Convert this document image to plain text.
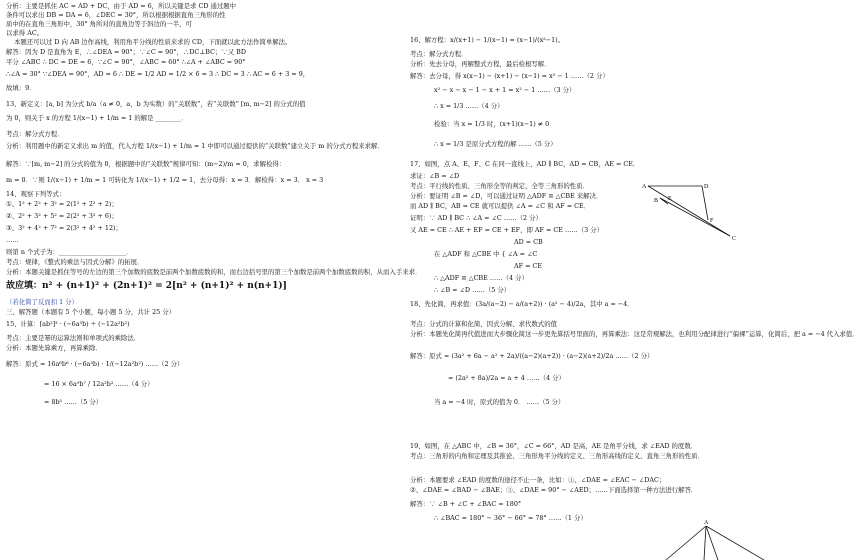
分析：主要是抓住 AC = AD + DC，由于 AD = 6，所以关键是求 CD 通过题中
条件可以求出 DB = DA = 6，∠DEC = 30°，所以根据根据直角三角形的性
质中的在直角三角形中，30° 角所对的直角边等于斜边的一半，可
以求得 AC。
本题还可以过 D 向 AB 边作高线，利用角平分线的性质来求的 CD，下面就以此方法作简单解法。
解答：因为 D 是直角为 E，∴∠DEA = 90°；∵∠C = 90°，∴DC⊥BC；∵又 BD
平分 ∠ABC ∴ DC = DE = 6，∵∠C = 90°，∠ABC = 60° ∴∠A + ∠ABC = 90°
∴∠A = 30° ∵∠DEA = 90°，AD = 6 ∴ DE = 1/2 AD = 1/2 × 6 = 3 ∴ DC = 3 ∴ AC = 6 + 3 = 9，
故填：9．
13、新定义：[a, b] 为分式 b/a（a ≠ 0，a，b 为实数）的“关联数”，若“关联数” [m, m−2] 的分式的值
为 0，则关于 x 的方程 1/(x−1) + 1/m = 1 的解是 ________．
考点：解分式方程．
分析：利用题中的新定义求出 m 的值，代入方程 1/(x−1) + 1/m = 1 中即可以通过提供的“关联数”建立关于 m 的分式方程来求解．
解答：∵[m, m−2] 的分式的值为 0，根据题中的“关联数”规律可知：(m−2)/m = 0，求解检得：
m = 0．∵则 1/(x−1) + 1/m = 1 可转化为 1/(x−1) + 1/2 = 1，去分母得：x = 3．解检得：x = 3． x = 3
14、观察下列等式：
①、1² + 2² + 3² = 2(1² + 2² + 2)；
②、2² + 3² + 5² = 2(2² + 3² + 6)；
③、3² + 4² + 7² = 2(3² + 4² + 12)；
……
则第 n 个式子为：_____________________．
考点：规律，《整式的乘法与因式分解》的拓展．
分析：本题关键是抓住等号的左边的第三个加数的底数是前两个加数底数的和，而右边括号里的第三个加数是前两个加数底数的积，从而入手来求．
故应填：n² + (n+1)² + (2n+1)² = 2[n² + (n+1)² + n(n+1)]
（若化简了反而扣 1 分）
三、解答题（本题有 5 个小题，每小题 5 分，共计 25 分）
15、计算：[ab²]³ · (−6a³b) ÷ (−12a²b²)
考点：主要是幂的运算法则和单项式的乘除法．
分析：本题先算乘方，再算乘除．
解答：原式 = 16a⁶b⁶ · (−6a³b) · 1/(−12a²b²) ……（2 分）
= 16 × 6a⁹b⁷ / 12a²b² ……（4 分）
= 8b⁵ ……（5 分）
16、解方程：x/(x+1) − 1/(x−1) = (x−1)/(x²−1)。
考点：解分式方程．
分析：先去分母，再解整式方程，最后检根写解．
解答：去分母，得 x(x−1) − (x+1) − (x−1) = x² − 1 ……（2 分）
x² − x − x − 1 − x + 1 = x² − 1 ……（3 分）
∴ x = 1/3 ……（4 分）
检验：当 x = 1/3 时，(x+1)(x−1) ≠ 0
∴ x = 1/3 是原分式方程的解 ……（5 分）
17、如图，点 A、E、F、C 在同一直线上，AD ∥ BC，AD = CB，AE = CE．
求证：∠B = ∠D
考点：平行线的性质、三角形全等的判定、全等三角形的性质．
分析：要证明 ∠B = ∠D，可以通过证明 △ADF ≌ △CBE 来解决．
而 AD ∥ BC，AB = CE 就可以提供 ∠A = ∠C 和 AF = CE．
证明：∵ AD ∥ BC ∴ ∠A = ∠C ……（2 分）
又 AE = CE ∴ AE + EF = CE + EF，即 AF = CE ……（3 分）
AD = CB
在 △ADF 和 △CBE 中 { ∠A = ∠C
AF = CE
∴ △ADF ≌ △CBE ……（4 分）
∴ ∠B = ∠D ……（5 分）
18、先化简，再求值：(3a/(a−2) − a/(a+2)) · (a² − 4)/2a，其中 a = −4．
考点：分式的计算和化简、因式分解、求代数式的值
分析：本题先化简再代值进而大步骤化简这一步更先算括号里面的，再算乘法：这是常规解法，也利用分配律进行“偏裸”运算，化简后，把 a = −4 代入求值．
解答：原式 = (3a² + 6a − a² + 2a)/((a−2)(a+2)) · (a−2)(a+2)/2a ……（2 分）
= (2a² + 8a)/2a = a + 4 ……（4 分）
当 a = −4 时，原式的值为 0． ……（5 分）
19、如图，在 △ABC 中，∠B = 36°，∠C = 66°，AD 是高，AE 是角平分线，求 ∠EAD 的度数．
考点：三角形的内角和定理及其推论、三角形角平分线的定义、三角形高线的定义、直角三角形的性质．
分析：本题要求 ∠EAD 的度数的途径不止一条，比如：①、∠DAE = ∠EAC − ∠DAC；
②、∠DAE = ∠BAD − ∠BAE；③、∠DAE = 90° − ∠AED；……下面选择第一种方法进行解答．
解答：∵ ∠B + ∠C + ∠BAC = 180°
∴ ∠BAC = 180° − 36° − 66° = 78° ……（1 分）
A
B
C
D
E
F
A
